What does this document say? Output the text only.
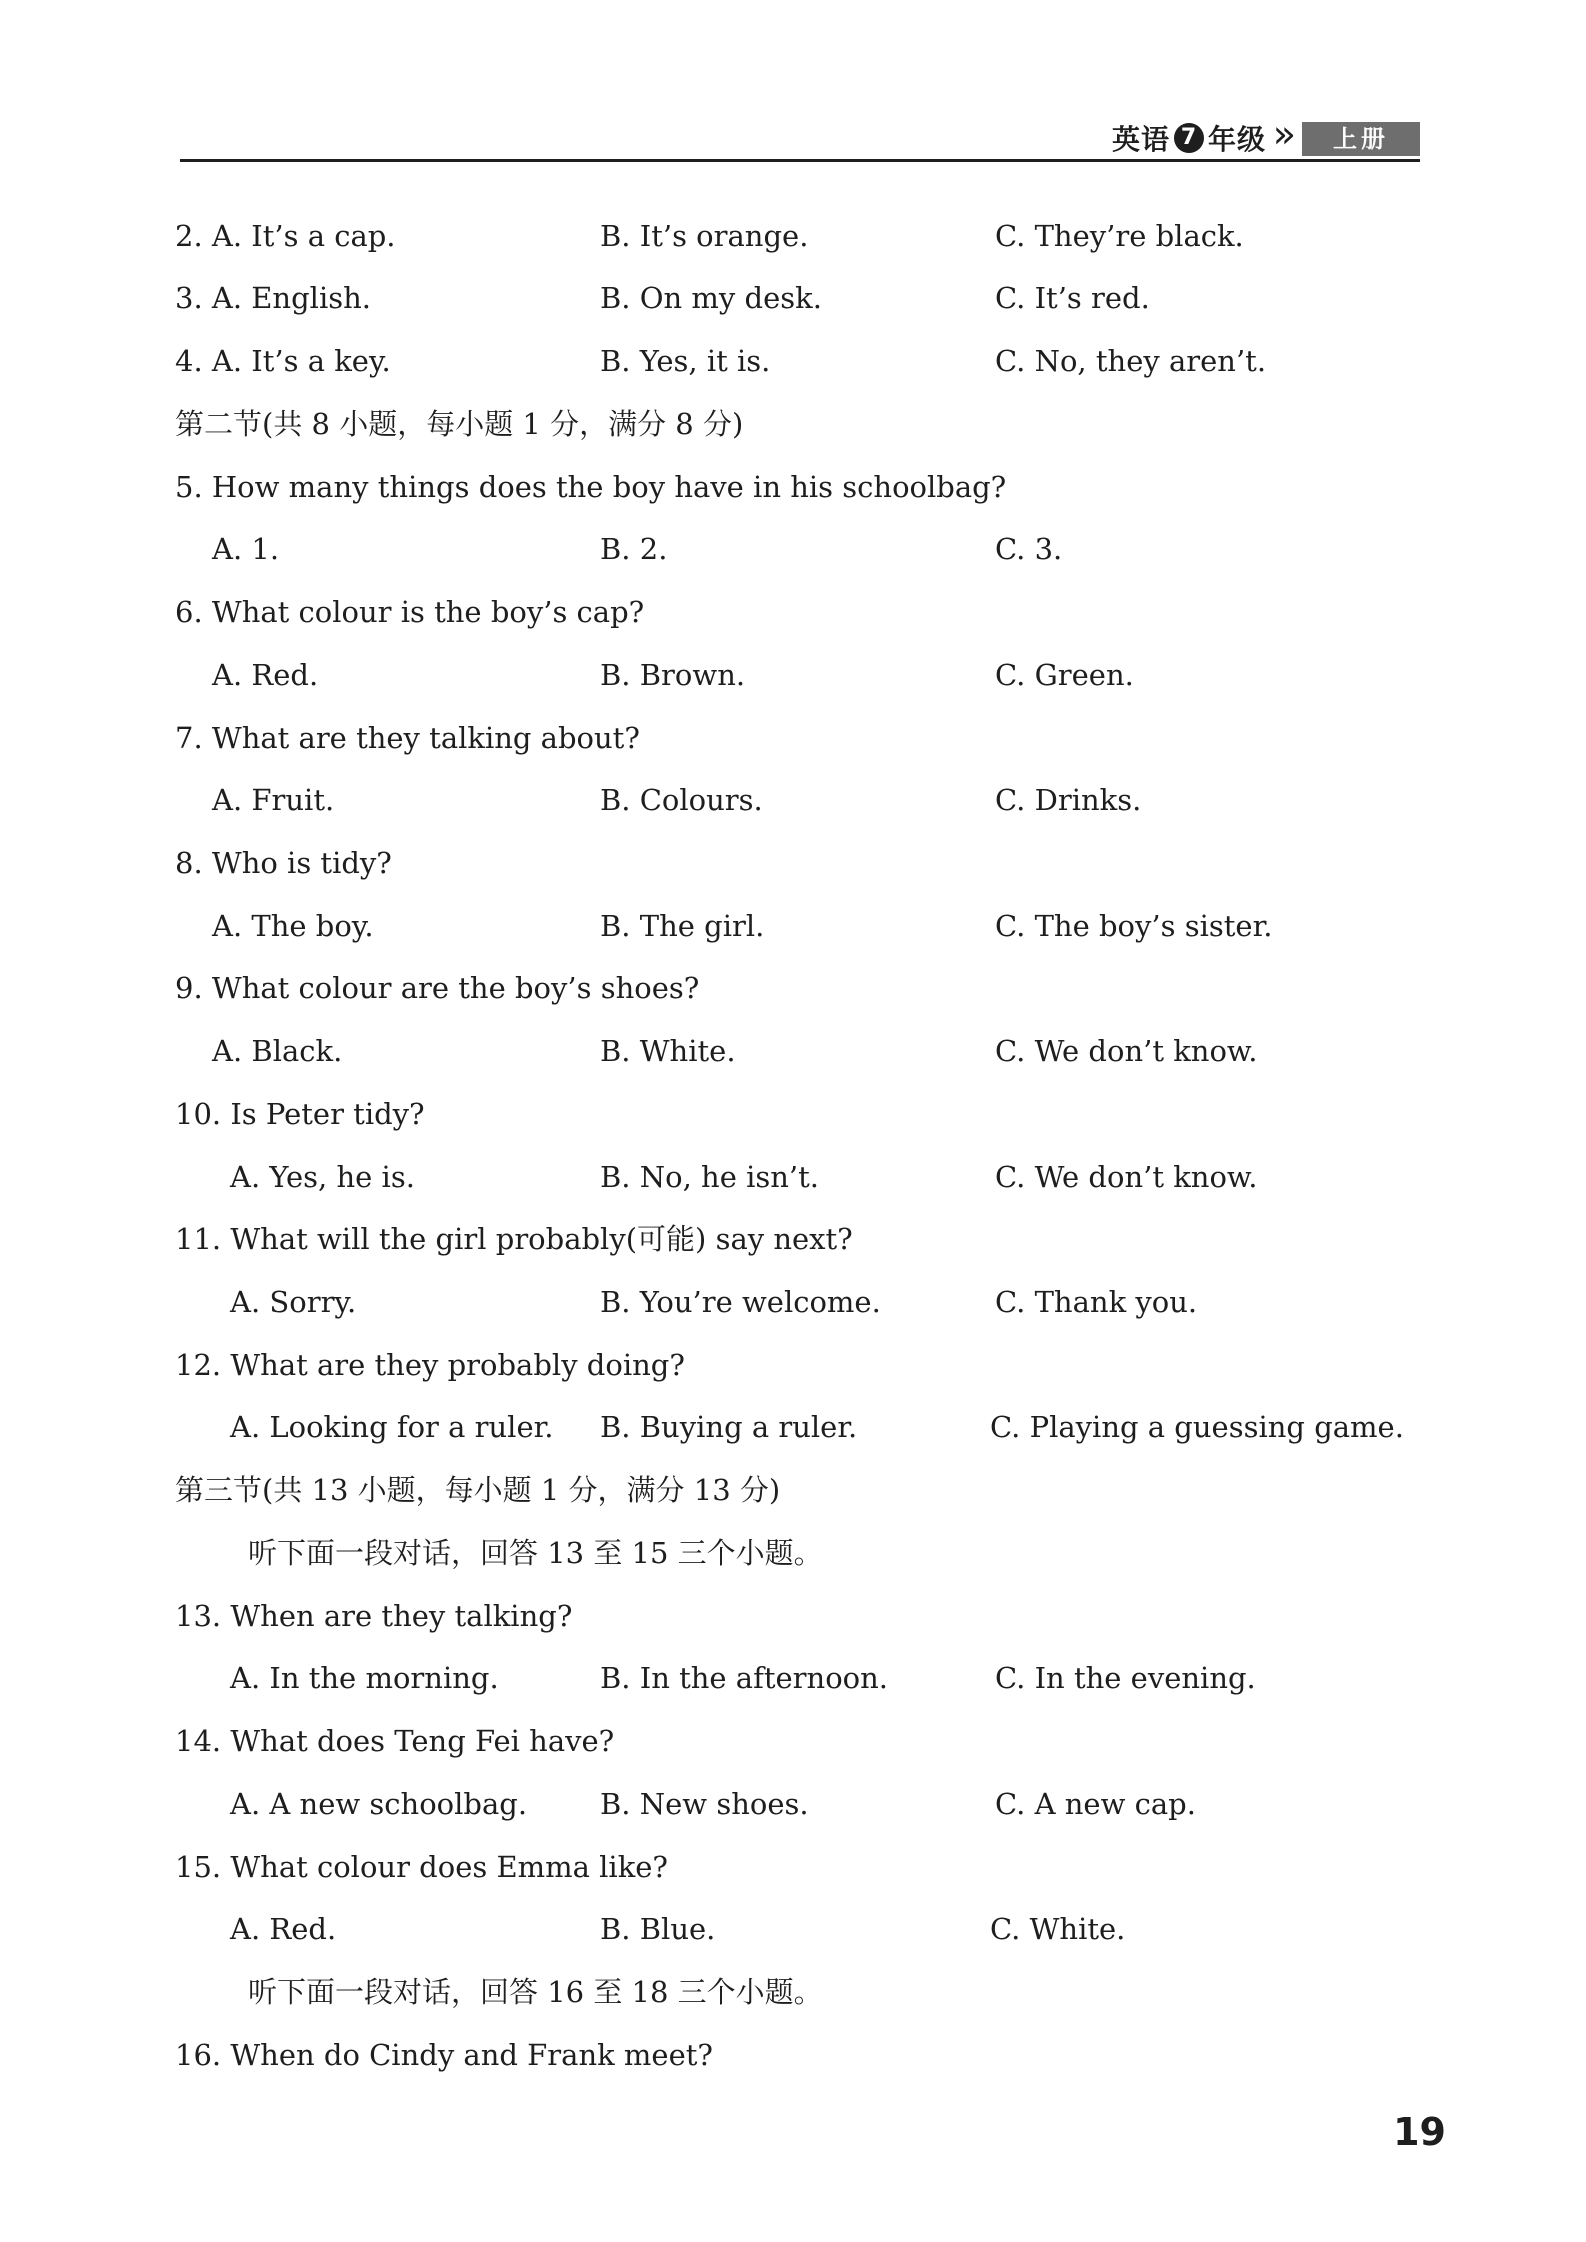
英语 7 年级 »	上册
2. A. It’s a cap.	B. It’s orange.	C. They’re black.
3. A. English.	B. On my desk.	C. It’s red.
4. A. It’s a key.	B. Yes, it is.	C. No, they aren’t.
第二节(共 8 小题，每小题 1 分，满分 8 分)
5. How many things does the boy have in his schoolbag?
A. 1.	B. 2.	C. 3.
6. What colour is the boy’s cap?
A. Red.	B. Brown.	C. Green.
7. What are they talking about?
A. Fruit.	B. Colours.	C. Drinks.
8. Who is tidy?
A. The boy.	B. The girl.	C. The boy’s sister.
9. What colour are the boy’s shoes?
A. Black.	B. White.	C. We don’t know.
10. Is Peter tidy?
A. Yes, he is.	B. No, he isn’t.	C. We don’t know.
11. What will the girl probably(可能) say next?
A. Sorry.	B. You’re welcome.	C. Thank you.
12. What are they probably doing?
A. Looking for a ruler. B. Buying a ruler.	C. Playing a guessing game.
第三节(共 13 小题，每小题 1 分，满分 13 分)
听下面一段对话，回答 13 至 15 三个小题。
13. When are they talking?
A. In the morning.	B. In the afternoon.	C. In the evening.
14. What does Teng Fei have?
A. A new schoolbag.	B. New shoes.	C. A new cap.
15. What colour does Emma like?
A. Red.	B. Blue.	C. White.
听下面一段对话，回答 16 至 18 三个小题。
16. When do Cindy and Frank meet?
19
